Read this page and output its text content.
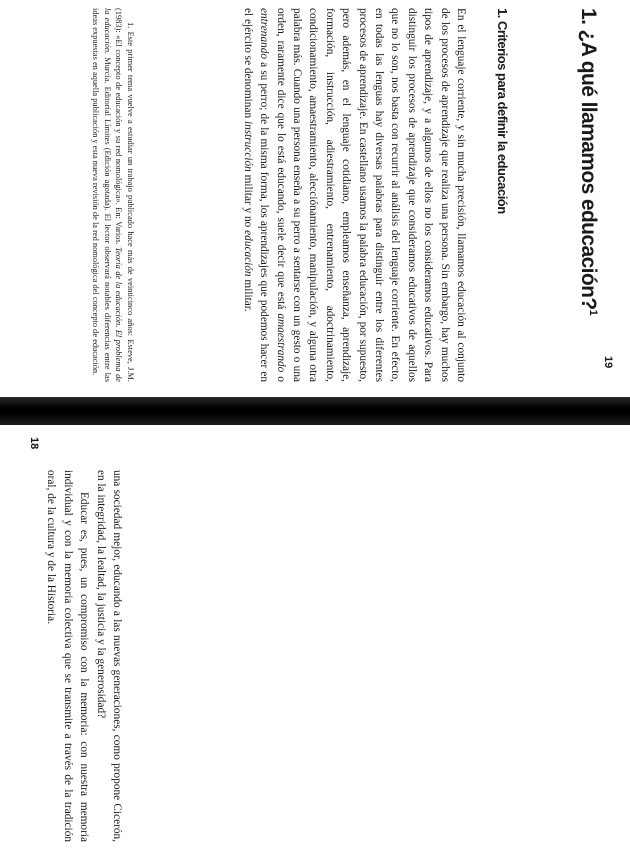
19
1. ¿A qué llamamos educación?$^1$
1. Criterios para definir la educación

En el lenguaje corriente, y sin mucha precisión, llamamos educación al conjunto de los procesos de aprendizaje que realiza una persona. Sin embargo, hay muchos tipos de aprendizaje, y a algunos de ellos no los consideramos educativos. Para distinguir los procesos de aprendizaje que consideramos educativos de aquellos que no lo son, nos basta con recurrir al análisis del lenguaje corriente. En efecto, en todas las lenguas hay diversas palabras para distinguir entre los diferentes procesos de aprendizaje. En castellano usamos la palabra educación, por supuesto, pero además, en el lenguaje cotidiano, empleamos enseñanza, aprendizaje, formación, instrucción, adiestramiento, entrenamiento, adoctrinamiento, condicionamiento, amaestramiento, alecciónamiento, manipulación, y alguna otra palabra más. Cuando una persona enseña a su perro a sentarse con un gesto o una orden, raramente dice que lo está educando, suele decir que está amaestrando o entrenando a su perro; de la misma forma, los aprendizajes que podemos hacer en el ejército se denominan instrucción militar y no educación militar.

1. Este primer tema vuelve a estudiar un trabajo publicado hace más de veinticinco años: Esteve, J.M. (1983): «El concepto de educación y su red nomológica». En: Varios. Teoría de la educación. El problema de la educación. Murcia. Editorial Límites (Edición agotada). El lector observará notables diferencias entre las ideas expuestas en aquella publicación y esta nueva revisión de la red nomológica del concepto de educación.

una sociedad mejor, educando a las nuevas generaciones, como propone Cicerón, en la integridad, la lealtad, la justicia y la generosidad?

Educar es, pues, un compromiso con la memoria: con nuestra memoria individual y con la memoria colectiva que se transmite a través de la tradición oral, de la cultura y de la Historia.

18
